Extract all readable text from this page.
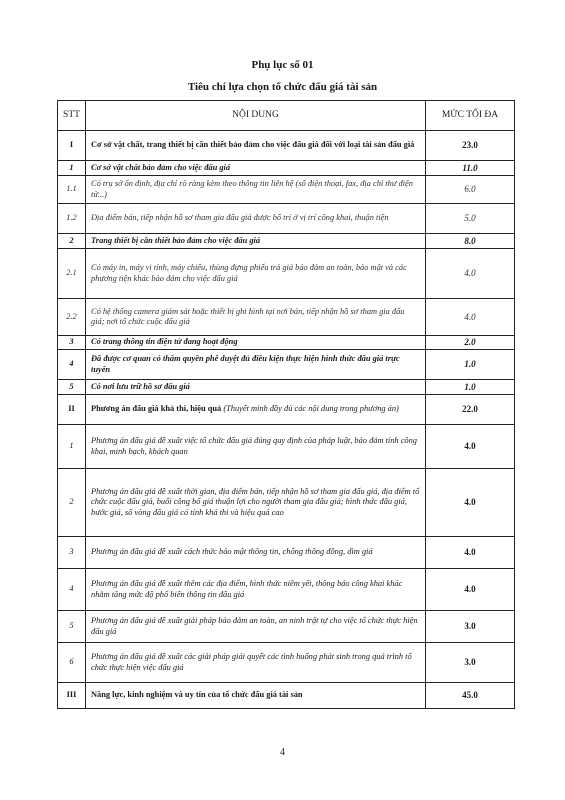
Phụ lục số 01
Tiêu chí lựa chọn tổ chức đấu giá tài sản
STT	NỘI DUNG	MỨC TỐI ĐA
I	Cơ sở vật chất, trang thiết bị cần thiết bảo đảm cho việc đấu giá đối với loại tài sản đấu giá	23.0
1	Cơ sở vật chất bảo đảm cho việc đấu giá	11.0
1.1	Có trụ sở ổn định, địa chỉ rõ ràng kèm theo thông tin liên hệ (số điện thoại, fax, địa chỉ thư điện tử...)	6.0
1.2	Địa điểm bán, tiếp nhận hồ sơ tham gia đấu giá được bố trí ở vị trí công khai, thuận tiện	5.0
2	Trang thiết bị cần thiết bảo đảm cho việc đấu giá	8.0
2.1	Có máy in, máy vi tính, máy chiếu, thùng đựng phiếu trả giá bảo đảm an toàn, bảo mật và các phương tiện khác bảo đảm cho việc đấu giá	4.0
2.2	Có hệ thống camera giám sát hoặc thiết bị ghi hình tại nơi bán, tiếp nhận hồ sơ tham gia đấu giá; nơi tổ chức cuộc đấu giá	4.0
3	Có trang thông tin điện tử đang hoạt động	2.0
4	Đã được cơ quan có thẩm quyền phê duyệt đủ điều kiện thực hiện hình thức đấu giá trực tuyến	1.0
5	Có nơi lưu trữ hồ sơ đấu giá	1.0
II	Phương án đấu giá khả thi, hiệu quả (Thuyết minh đầy đủ các nội dung trong phương án)	22.0
1	Phương án đấu giá đề xuất việc tổ chức đấu giá đúng quy định của pháp luật, bảo đảm tính công khai, minh bạch, khách quan	4.0
2	Phương án đấu giá đề xuất thời gian, địa điểm bán, tiếp nhận hồ sơ tham gia đấu giá, địa điểm tổ chức cuộc đấu giá, buổi công bố giá thuận lợi cho người tham gia đấu giá; hình thức đấu giá, bước giá, số vòng đấu giá có tính khả thi và hiệu quả cao	4.0
3	Phương án đấu giá đề xuất cách thức bảo mật thông tin, chống thông đồng, dìm giá	4.0
4	Phương án đấu giá đề xuất thêm các địa điểm, hình thức niêm yết, thông báo công khai khác nhằm tăng mức độ phổ biến thông tin đấu giá	4.0
5	Phương án đấu giá đề xuất giải pháp bảo đảm an toàn, an ninh trật tự cho việc tổ chức thực hiện đấu giá	3.0
6	Phương án đấu giá đề xuất các giải pháp giải quyết các tình huống phát sinh trong quá trình tổ chức thực hiện việc đấu giá	3.0
III	Năng lực, kinh nghiệm và uy tín của tổ chức đấu giá tài sản	45.0
4
